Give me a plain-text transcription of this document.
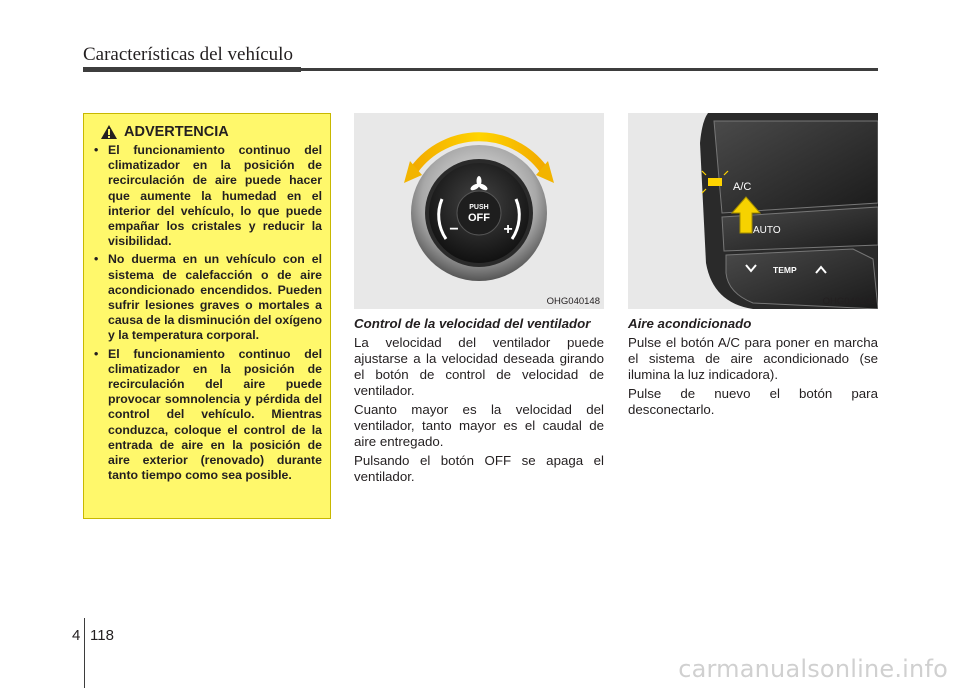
Características del vehículo
ADVERTENCIA
• El funcionamiento continuo del climatizador en la posición de recirculación de aire puede hacer que aumente la humedad en el interior del vehículo, lo que puede empañar los cristales y reducir la visibilidad.
• No duerma en un vehículo con el sistema de calefacción o de aire acondicionado encendidos. Pueden sufrir lesiones graves o mortales a causa de la disminución del oxígeno y la temperatura corporal.
• El funcionamiento continuo del climatizador en la posición de recirculación del aire puede provocar somnolencia y pérdida del control del vehículo. Mientras conduzca, coloque el control de la entrada de aire en la posición de aire exterior (renovado) durante tanto tiempo como sea posible.
PUSH
OFF
−	+
OHG040148
A/C
AUTO
TEMP
OHG040149

Control de la velocidad del ventilador

La velocidad del ventilador puede ajustarse a la velocidad deseada girando el botón de control de velocidad de ventilador.

Cuanto mayor es la velocidad del ventilador, tanto mayor es el caudal de aire entregado.

Pulsando el botón OFF se apaga el ventilador.

Aire acondicionado

Pulse el botón A/C para poner en marcha el sistema de aire acondicionado (se ilumina la luz indicadora).

Pulse de nuevo el botón para desconectarlo.

4 118
carmanualsonline.info
